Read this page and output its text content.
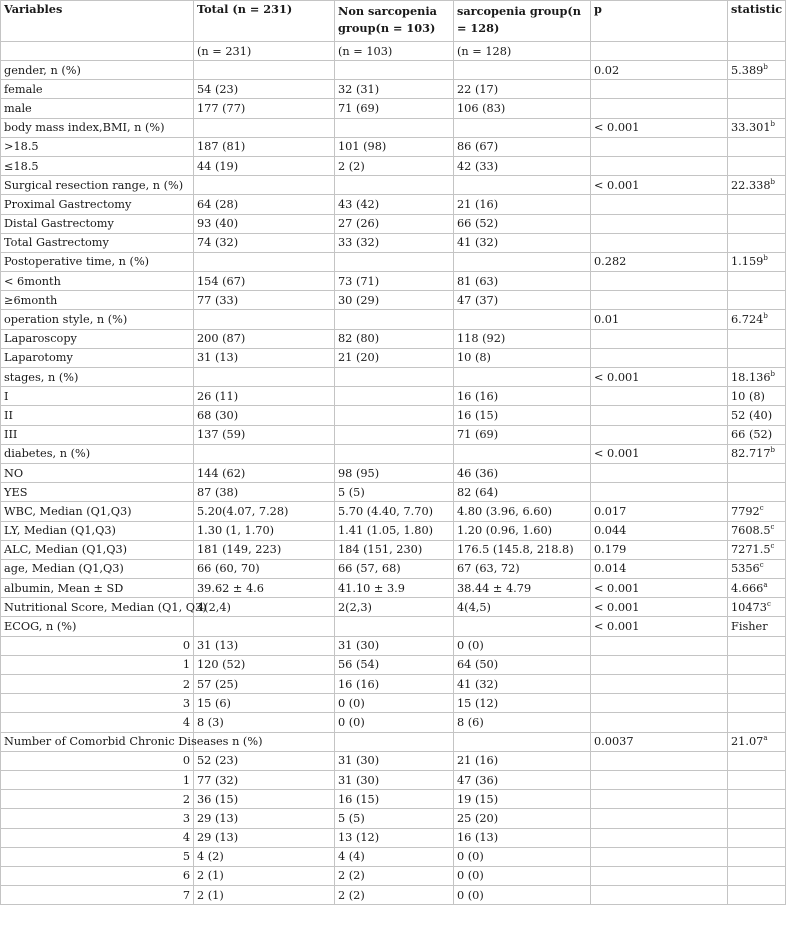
Variables	Total (n = 231)	Non sarcopenia group(n = 103)	sarcopenia group(n = 128)	p	statistic
	(n = 231)	(n = 103)	(n = 128)		
gender, n (%)				0.02	5.389$^b$
female	54 (23)	32 (31)	22 (17)		
male	177 (77)	71 (69)	106 (83)		
body mass index,BMI, n (%)				< 0.001	33.301$^b$
>18.5	187 (81)	101 (98)	86 (67)		
≤18.5	44 (19)	2 (2)	42 (33)		
Surgical resection range, n (%)				< 0.001	22.338$^b$
Proximal Gastrectomy	64 (28)	43 (42)	21 (16)		
Distal Gastrectomy	93 (40)	27 (26)	66 (52)		
Total Gastrectomy	74 (32)	33 (32)	41 (32)		
Postoperative time, n (%)				0.282	1.159$^b$
< 6month	154 (67)	73 (71)	81 (63)		
≥6month	77 (33)	30 (29)	47 (37)		
operation style, n (%)				0.01	6.724$^b$
Laparoscopy	200 (87)	82 (80)	118 (92)		
Laparotomy	31 (13)	21 (20)	10 (8)		
stages, n (%)				< 0.001	18.136$^b$
I	26 (11)		16 (16)		10 (8)
II	68 (30)		16 (15)		52 (40)
III	137 (59)		71 (69)		66 (52)
diabetes, n (%)				< 0.001	82.717$^b$
NO	144 (62)	98 (95)	46 (36)		
YES	87 (38)	5 (5)	82 (64)		
WBC, Median (Q1,Q3)	5.20(4.07, 7.28)	5.70 (4.40, 7.70)	4.80 (3.96, 6.60)	0.017	7792$^c$
LY, Median (Q1,Q3)	1.30 (1, 1.70)	1.41 (1.05, 1.80)	1.20 (0.96, 1.60)	0.044	7608.5$^c$
ALC, Median (Q1,Q3)	181 (149, 223)	184 (151, 230)	176.5 (145.8, 218.8)	0.179	7271.5$^c$
age, Median (Q1,Q3)	66 (60, 70)	66 (57, 68)	67 (63, 72)	0.014	5356$^c$
albumin, Mean ± SD	39.62 ± 4.6	41.10 ± 3.9	38.44 ± 4.79	< 0.001	4.666$^a$
Nutritional Score, Median (Q1, Q3)	4(2,4)	2(2,3)	4(4,5)	< 0.001	10473$^c$
ECOG, n (%)				< 0.001	Fisher
0	31 (13)	31 (30)	0 (0)		
1	120 (52)	56 (54)	64 (50)		
2	57 (25)	16 (16)	41 (32)		
3	15 (6)	0 (0)	15 (12)		
4	8 (3)	0 (0)	8 (6)		
Number of Comorbid Chronic Diseases n (%)				0.0037	21.07$^a$
0	52 (23)	31 (30)	21 (16)		
1	77 (32)	31 (30)	47 (36)		
2	36 (15)	16 (15)	19 (15)		
3	29 (13)	5 (5)	25 (20)		
4	29 (13)	13 (12)	16 (13)		
5	4 (2)	4 (4)	0 (0)		
6	2 (1)	2 (2)	0 (0)		
7	2 (1)	2 (2)	0 (0)		
